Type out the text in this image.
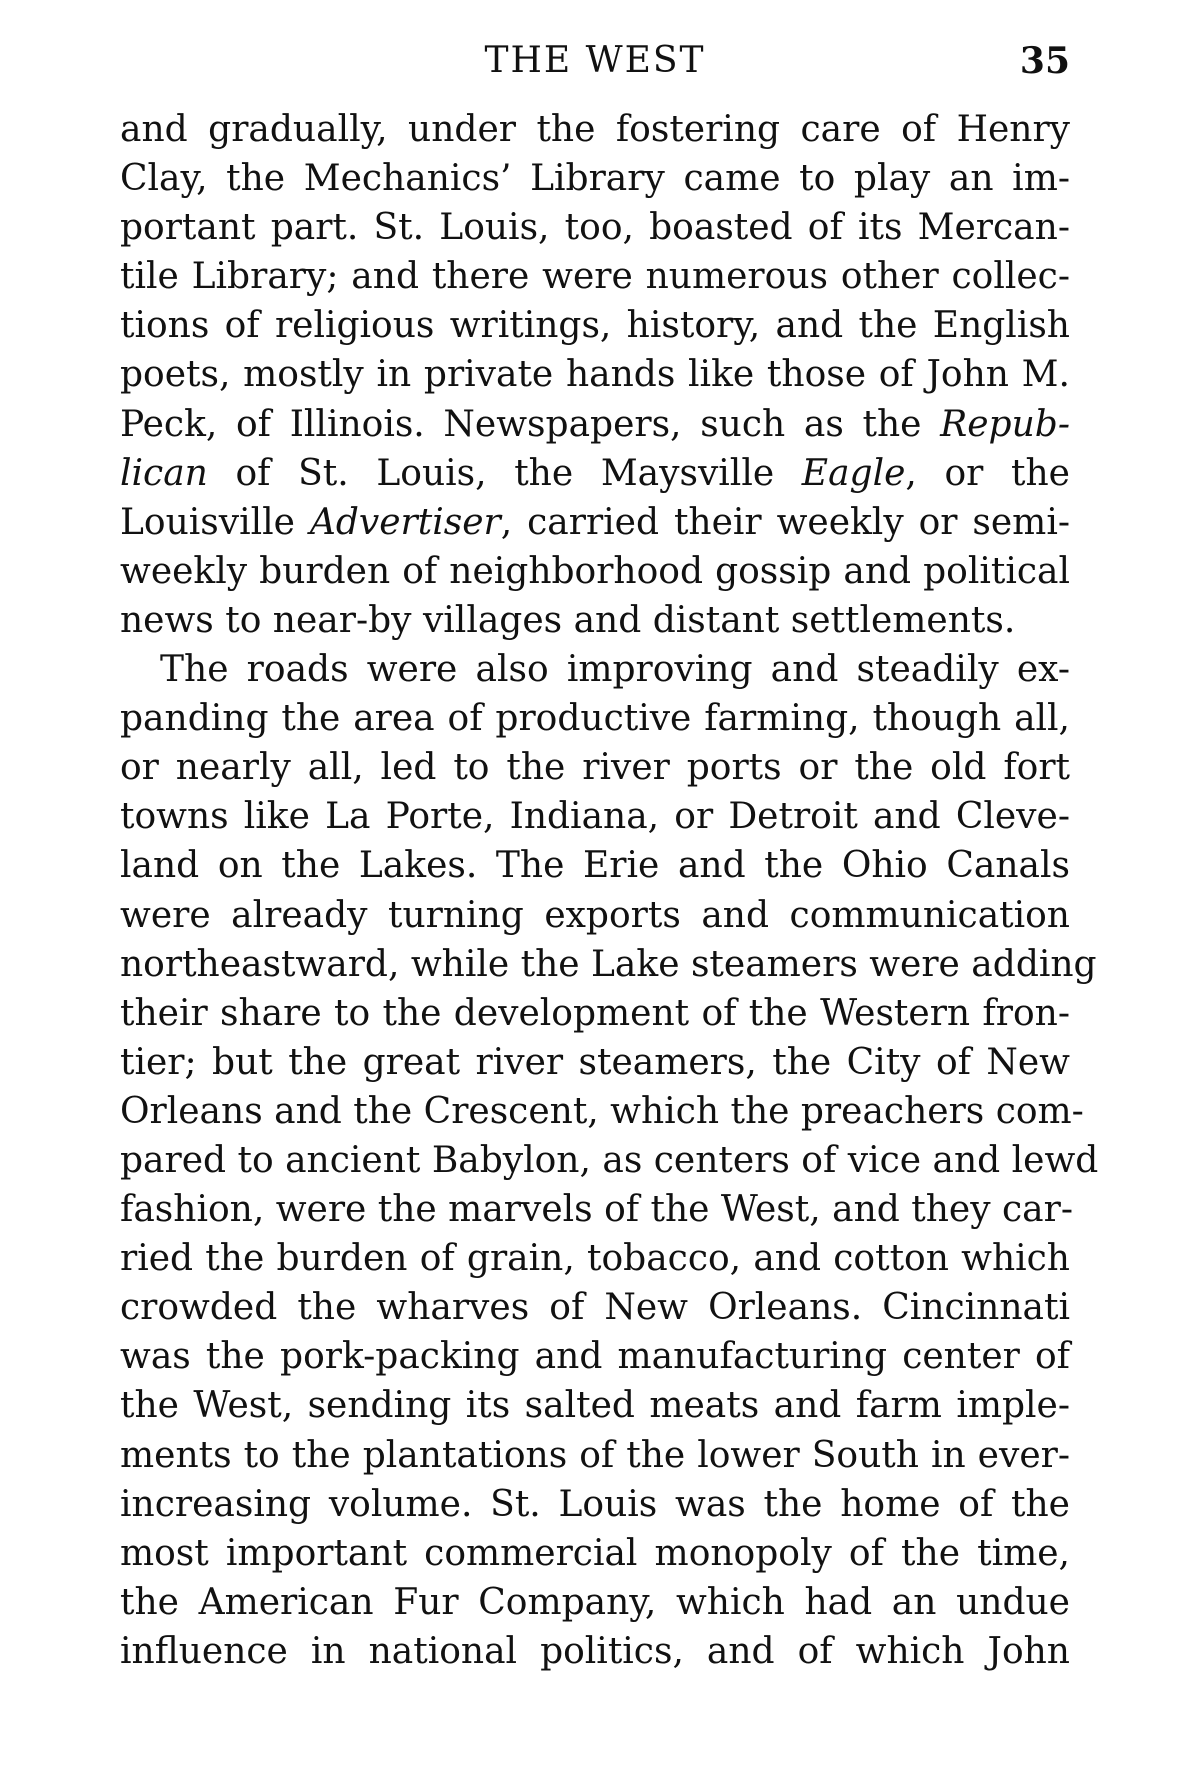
THE WEST	35
and gradually, under the fostering care of Henry
Clay, the Mechanics’ Library came to play an im-
portant part. St. Louis, too, boasted of its Mercan-
tile Library; and there were numerous other collec-
tions of religious writings, history, and the English
poets, mostly in private hands like those of John M.
Peck, of Illinois. Newspapers, such as the Repub-
lican of St. Louis, the Maysville Eagle, or the
Louisville Advertiser, carried their weekly or semi-
weekly burden of neighborhood gossip and political
news to near-by villages and distant settlements.
The roads were also improving and steadily ex-
panding the area of productive farming, though all,
or nearly all, led to the river ports or the old fort
towns like La Porte, Indiana, or Detroit and Cleve-
land on the Lakes. The Erie and the Ohio Canals
were already turning exports and communication
northeastward, while the Lake steamers were adding
their share to the development of the Western fron-
tier; but the great river steamers, the City of New
Orleans and the Crescent, which the preachers com-
pared to ancient Babylon, as centers of vice and lewd
fashion, were the marvels of the West, and they car-
ried the burden of grain, tobacco, and cotton which
crowded the wharves of New Orleans. Cincinnati
was the pork-packing and manufacturing center of
the West, sending its salted meats and farm imple-
ments to the plantations of the lower South in ever-
increasing volume. St. Louis was the home of the
most important commercial monopoly of the time,
the American Fur Company, which had an undue
influence in national politics, and of which John
